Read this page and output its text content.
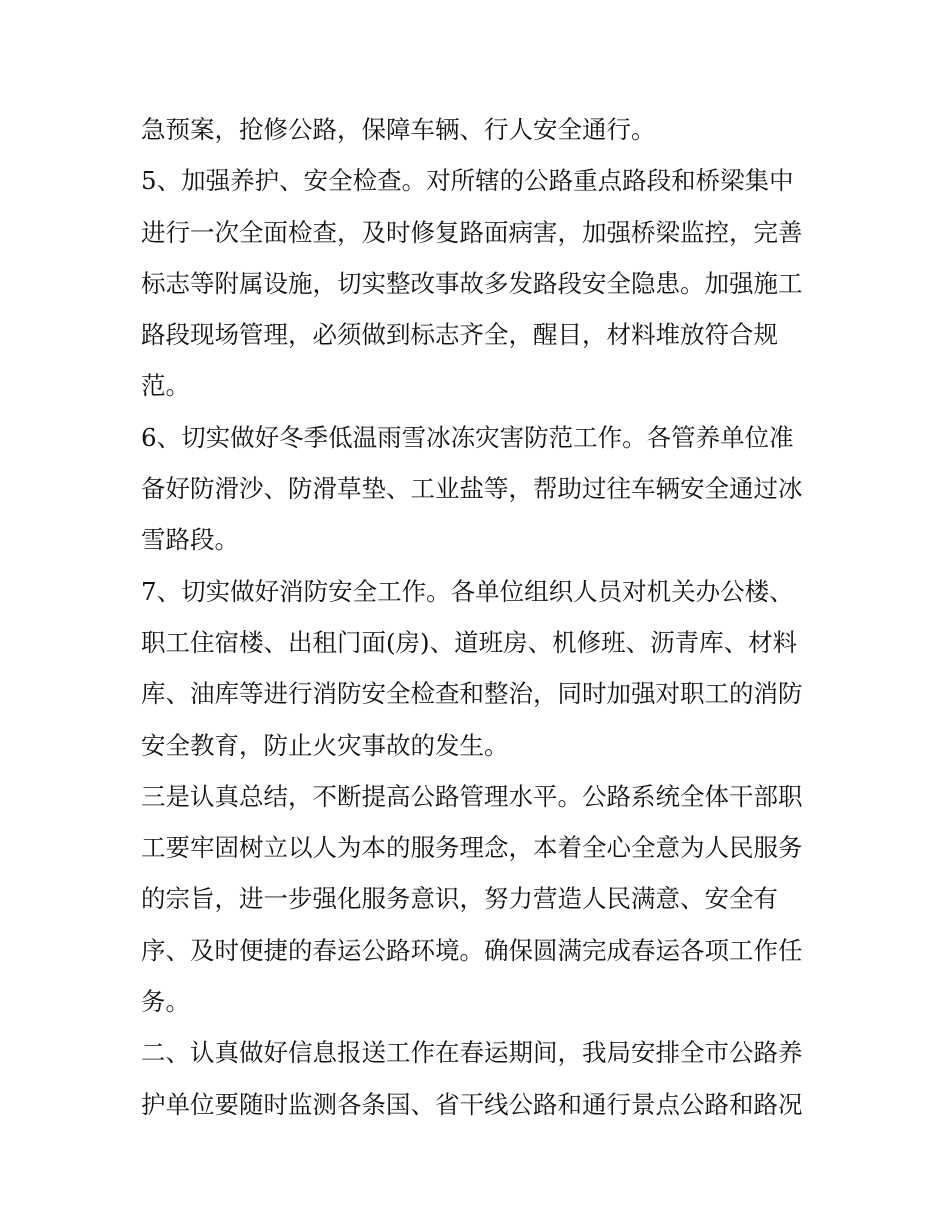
急预案，抢修公路，保障车辆、行人安全通行。
5、加强养护、安全检查。对所辖的公路重点路段和桥梁集中
进行一次全面检查，及时修复路面病害，加强桥梁监控，完善
标志等附属设施，切实整改事故多发路段安全隐患。加强施工
路段现场管理，必须做到标志齐全，醒目，材料堆放符合规
范。
6、切实做好冬季低温雨雪冰冻灾害防范工作。各管养单位准
备好防滑沙、防滑草垫、工业盐等，帮助过往车辆安全通过冰
雪路段。
7、切实做好消防安全工作。各单位组织人员对机关办公楼、
职工住宿楼、出租门面(房)、道班房、机修班、沥青库、材料
库、油库等进行消防安全检查和整治，同时加强对职工的消防
安全教育，防止火灾事故的发生。
三是认真总结，不断提高公路管理水平。公路系统全体干部职
工要牢固树立以人为本的服务理念，本着全心全意为人民服务
的宗旨，进一步强化服务意识，努力营造人民满意、安全有
序、及时便捷的春运公路环境。确保圆满完成春运各项工作任
务。
二、认真做好信息报送工作在春运期间，我局安排全市公路养
护单位要随时监测各条国、省干线公路和通行景点公路和路况
